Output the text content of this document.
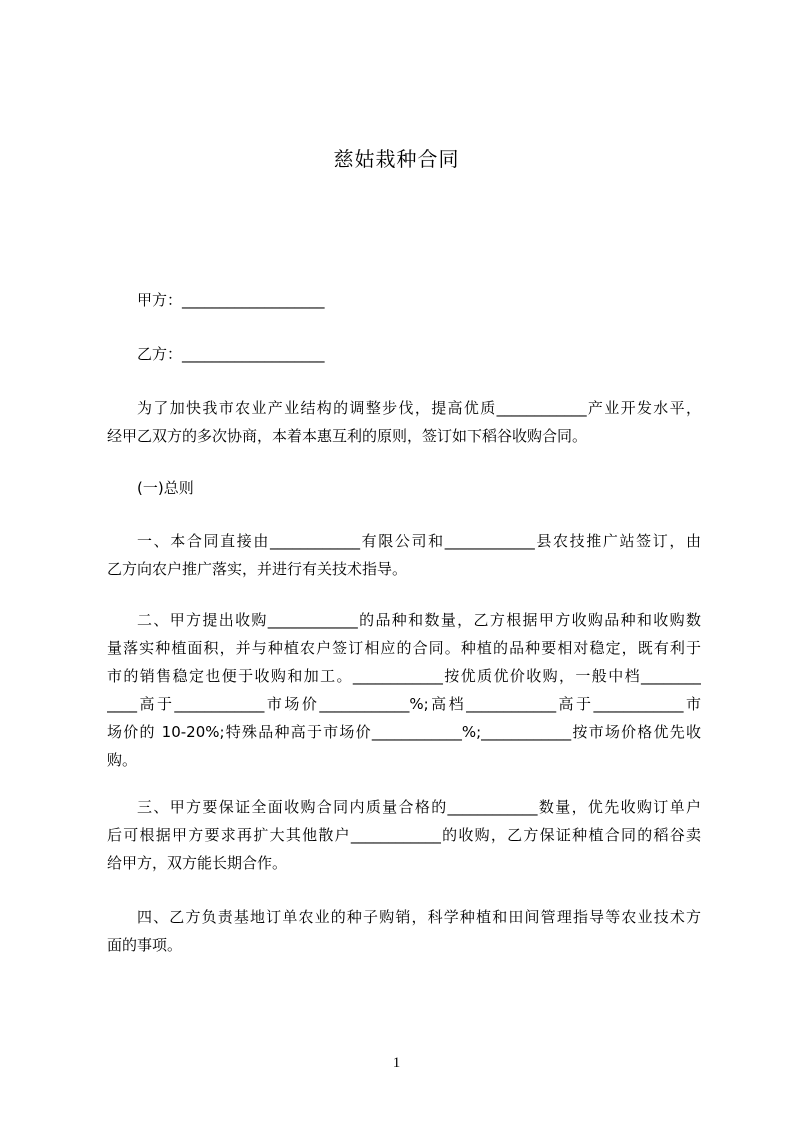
慈姑栽种合同
甲方：___________________
乙方：___________________
为了加快我市农业产业结构的调整步伐，提高优质____________产业开发水平，
经甲乙双方的多次协商，本着本惠互利的原则，签订如下稻谷收购合同。
(一)总则
一、本合同直接由____________有限公司和____________县农技推广站签订，由
乙方向农户推广落实，并进行有关技术指导。
二、甲方提出收购____________的品种和数量，乙方根据甲方收购品种和收购数
量落实种植面积，并与种植农户签订相应的合同。种植的品种要相对稳定，既有利于
市的销售稳定也便于收购和加工。____________按优质优价收购，一般中档________
____高于____________市场价____________%;高档____________高于____________市
场价的 10-20%;特殊品种高于市场价____________%;____________按市场价格优先收
购。
三、甲方要保证全面收购合同内质量合格的____________数量，优先收购订单户
后可根据甲方要求再扩大其他散户____________的收购，乙方保证种植合同的稻谷卖
给甲方，双方能长期合作。
四、乙方负责基地订单农业的种子购销，科学种植和田间管理指导等农业技术方
面的事项。
1
